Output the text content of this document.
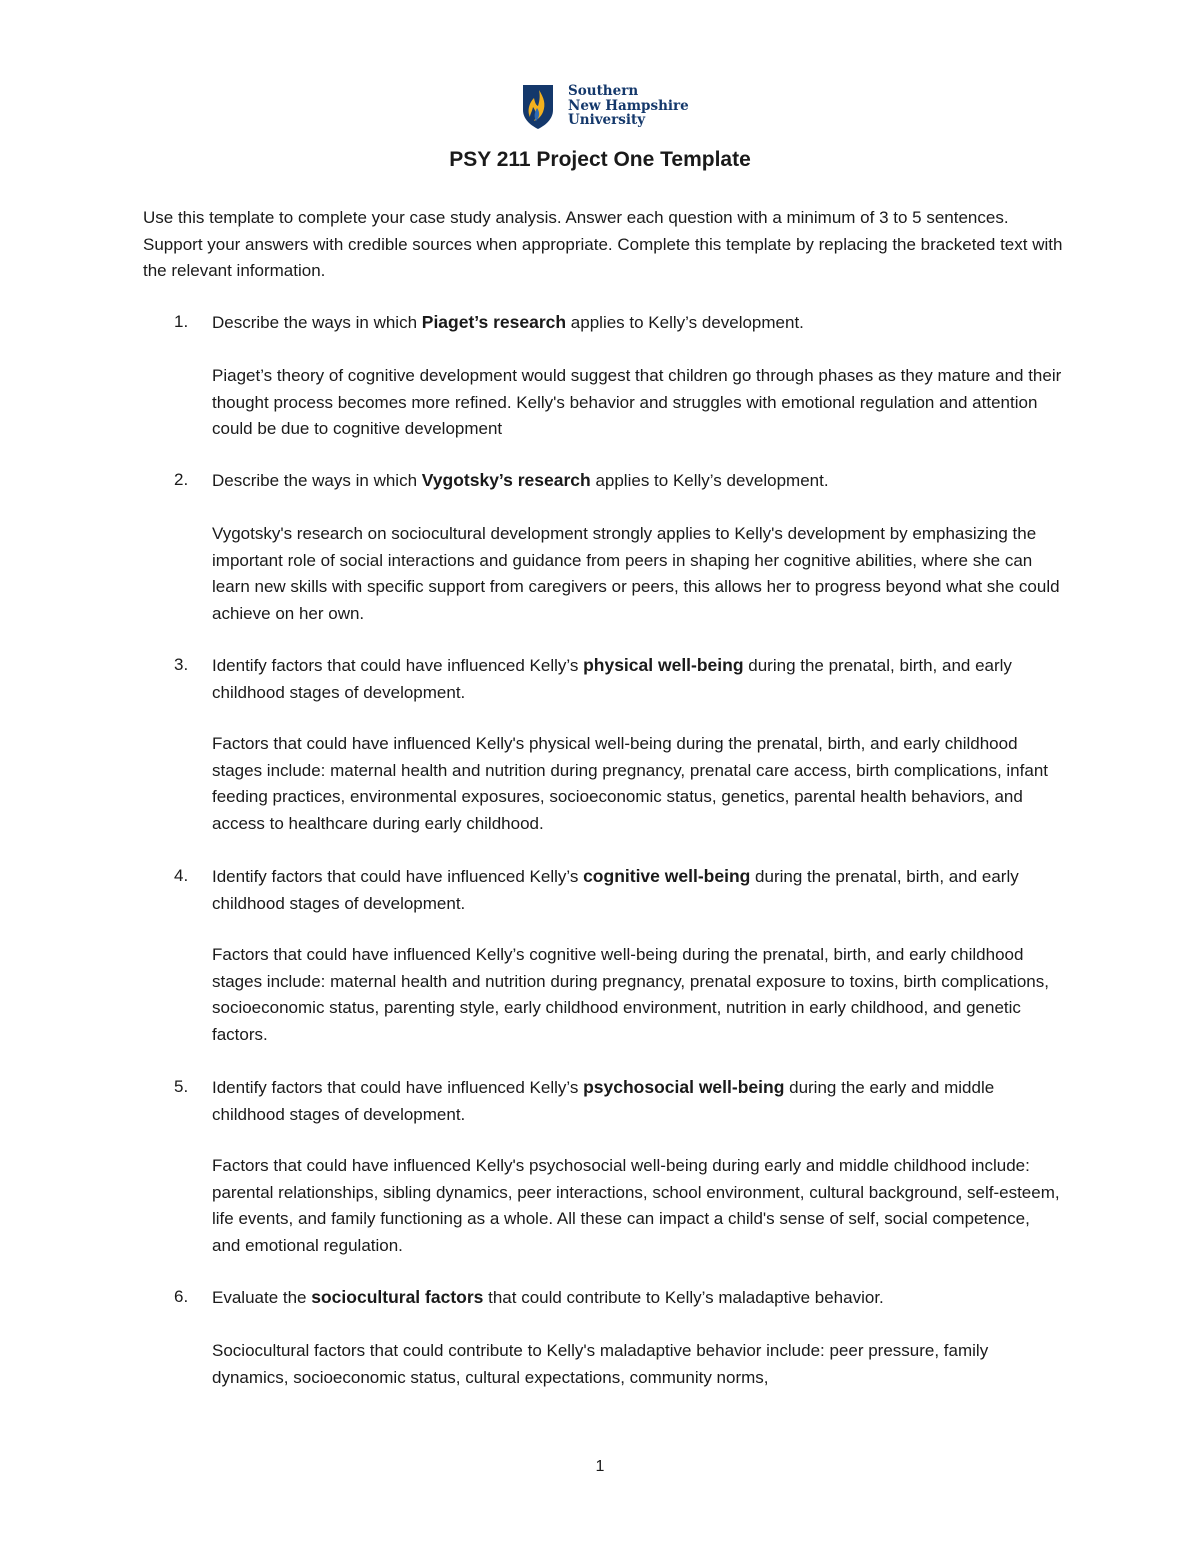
Southern
New Hampshire
University
PSY 211 Project One Template
Use this template to complete your case study analysis. Answer each question with a minimum of 3 to 5 sentences. Support your answers with credible sources when appropriate. Complete this template by replacing the bracketed text with the relevant information.
1. Describe the ways in which Piaget’s research applies to Kelly’s development.
Piaget’s theory of cognitive development would suggest that children go through phases as they mature and their thought process becomes more refined. Kelly's behavior and struggles with emotional regulation and attention could be due to cognitive development
2. Describe the ways in which Vygotsky’s research applies to Kelly’s development.
Vygotsky's research on sociocultural development strongly applies to Kelly's development by emphasizing the important role of social interactions and guidance from peers in shaping her cognitive abilities, where she can learn new skills with specific support from caregivers or peers, this allows her to progress beyond what she could achieve on her own.
3. Identify factors that could have influenced Kelly’s physical well-being during the prenatal, birth, and early childhood stages of development.
Factors that could have influenced Kelly's physical well-being during the prenatal, birth, and early childhood stages include: maternal health and nutrition during pregnancy, prenatal care access, birth complications, infant feeding practices, environmental exposures, socioeconomic status, genetics, parental health behaviors, and access to healthcare during early childhood.
4. Identify factors that could have influenced Kelly’s cognitive well-being during the prenatal, birth, and early childhood stages of development.
Factors that could have influenced Kelly’s cognitive well-being during the prenatal, birth, and early childhood stages include: maternal health and nutrition during pregnancy, prenatal exposure to toxins, birth complications, socioeconomic status, parenting style, early childhood environment, nutrition in early childhood, and genetic factors.
5. Identify factors that could have influenced Kelly’s psychosocial well-being during the early and middle childhood stages of development.
Factors that could have influenced Kelly's psychosocial well-being during early and middle childhood include: parental relationships, sibling dynamics, peer interactions, school environment, cultural background, self-esteem, life events, and family functioning as a whole. All these can impact a child's sense of self, social competence, and emotional regulation.
6. Evaluate the sociocultural factors that could contribute to Kelly’s maladaptive behavior.
Sociocultural factors that could contribute to Kelly's maladaptive behavior include: peer pressure, family dynamics, socioeconomic status, cultural expectations, community norms,
1
